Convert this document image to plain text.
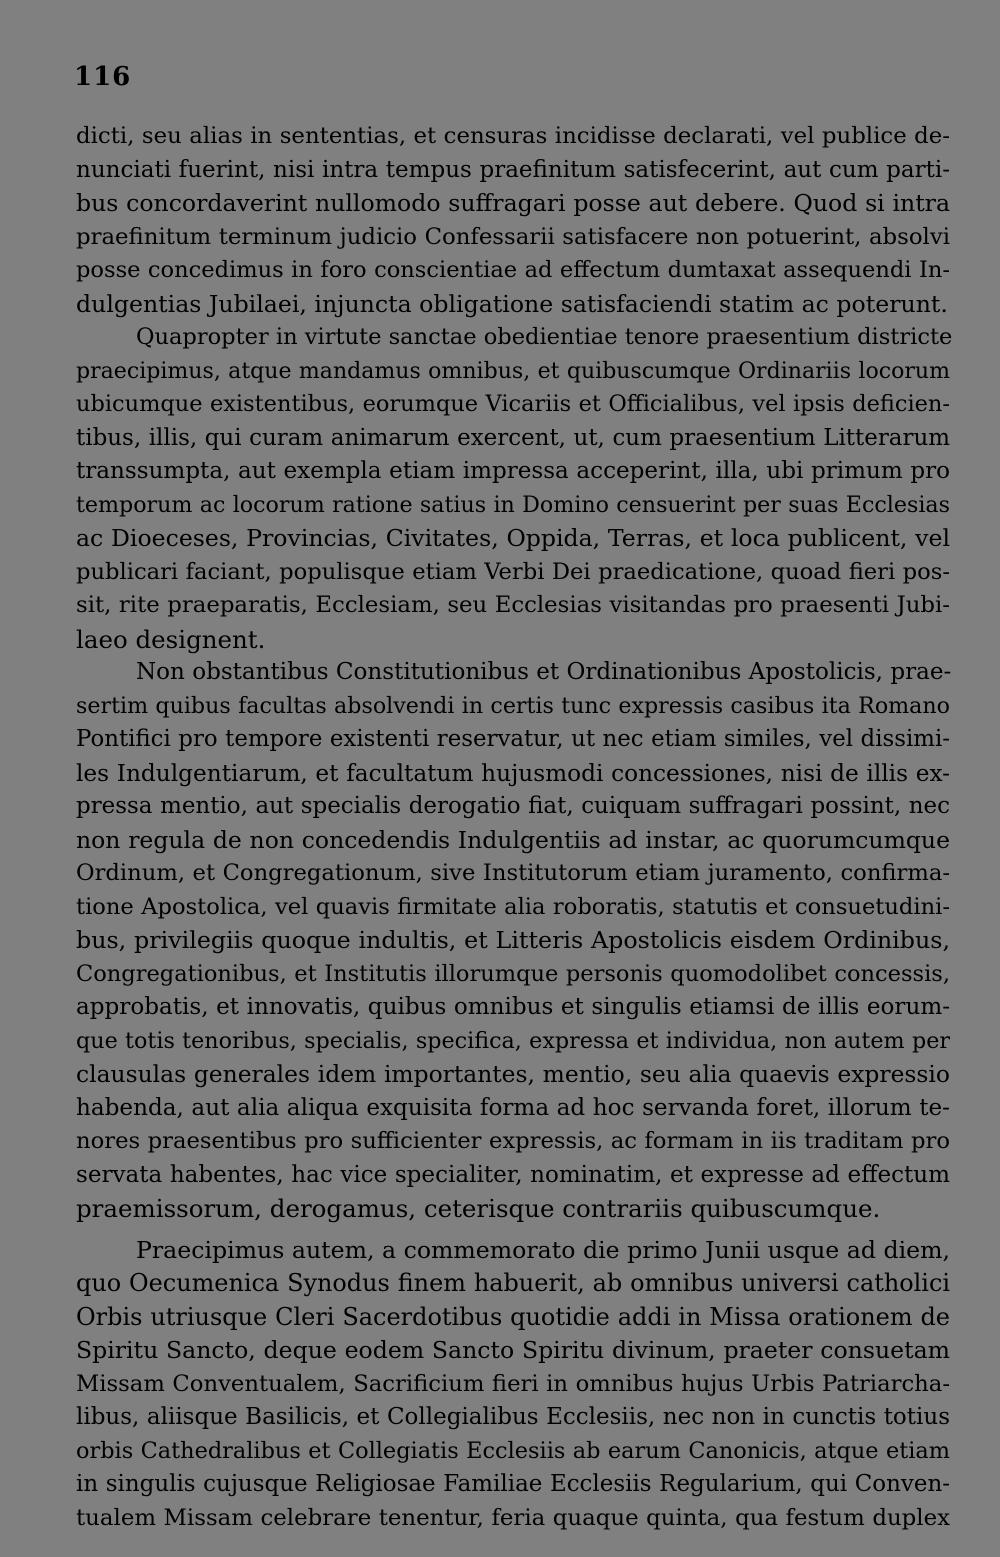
116
dicti, seu alias in sententias, et censuras incidisse declarati, vel publice de-
nunciati fuerint, nisi intra tempus praefinitum satisfecerint, aut cum parti-
bus concordaverint nullomodo suffragari posse aut debere. Quod si intra
praefinitum terminum judicio Confessarii satisfacere non potuerint, absolvi
posse concedimus in foro conscientiae ad effectum dumtaxat assequendi In-
dulgentias Jubilaei, injuncta obligatione satisfaciendi statim ac poterunt.
Quapropter in virtute sanctae obedientiae tenore praesentium districte
praecipimus, atque mandamus omnibus, et quibuscumque Ordinariis locorum
ubicumque existentibus, eorumque Vicariis et Officialibus, vel ipsis deficien-
tibus, illis, qui curam animarum exercent, ut, cum praesentium Litterarum
transsumpta, aut exempla etiam impressa acceperint, illa, ubi primum pro
temporum ac locorum ratione satius in Domino censuerint per suas Ecclesias
ac Dioeceses, Provincias, Civitates, Oppida, Terras, et loca publicent, vel
publicari faciant, populisque etiam Verbi Dei praedicatione, quoad fieri pos-
sit, rite praeparatis, Ecclesiam, seu Ecclesias visitandas pro praesenti Jubi-
laeo designent.
Non obstantibus Constitutionibus et Ordinationibus Apostolicis, prae-
sertim quibus facultas absolvendi in certis tunc expressis casibus ita Romano
Pontifici pro tempore existenti reservatur, ut nec etiam similes, vel dissimi-
les Indulgentiarum, et facultatum hujusmodi concessiones, nisi de illis ex-
pressa mentio, aut specialis derogatio fiat, cuiquam suffragari possint, nec
non regula de non concedendis Indulgentiis ad instar, ac quorumcumque
Ordinum, et Congregationum, sive Institutorum etiam juramento, confirma-
tione Apostolica, vel quavis firmitate alia roboratis, statutis et consuetudini-
bus, privilegiis quoque indultis, et Litteris Apostolicis eisdem Ordinibus,
Congregationibus, et Institutis illorumque personis quomodolibet concessis,
approbatis, et innovatis, quibus omnibus et singulis etiamsi de illis eorum-
que totis tenoribus, specialis, specifica, expressa et individua, non autem per
clausulas generales idem importantes, mentio, seu alia quaevis expressio
habenda, aut alia aliqua exquisita forma ad hoc servanda foret, illorum te-
nores praesentibus pro sufficienter expressis, ac formam in iis traditam pro
servata habentes, hac vice specialiter, nominatim, et expresse ad effectum
praemissorum, derogamus, ceterisque contrariis quibuscumque.
Praecipimus autem, a commemorato die primo Junii usque ad diem,
quo Oecumenica Synodus finem habuerit, ab omnibus universi catholici
Orbis utriusque Cleri Sacerdotibus quotidie addi in Missa orationem de
Spiritu Sancto, deque eodem Sancto Spiritu divinum, praeter consuetam
Missam Conventualem, Sacrificium fieri in omnibus hujus Urbis Patriarcha-
libus, aliisque Basilicis, et Collegialibus Ecclesiis, nec non in cunctis totius
orbis Cathedralibus et Collegiatis Ecclesiis ab earum Canonicis, atque etiam
in singulis cujusque Religiosae Familiae Ecclesiis Regularium, qui Conven-
tualem Missam celebrare tenentur, feria quaque quinta, qua festum duplex
